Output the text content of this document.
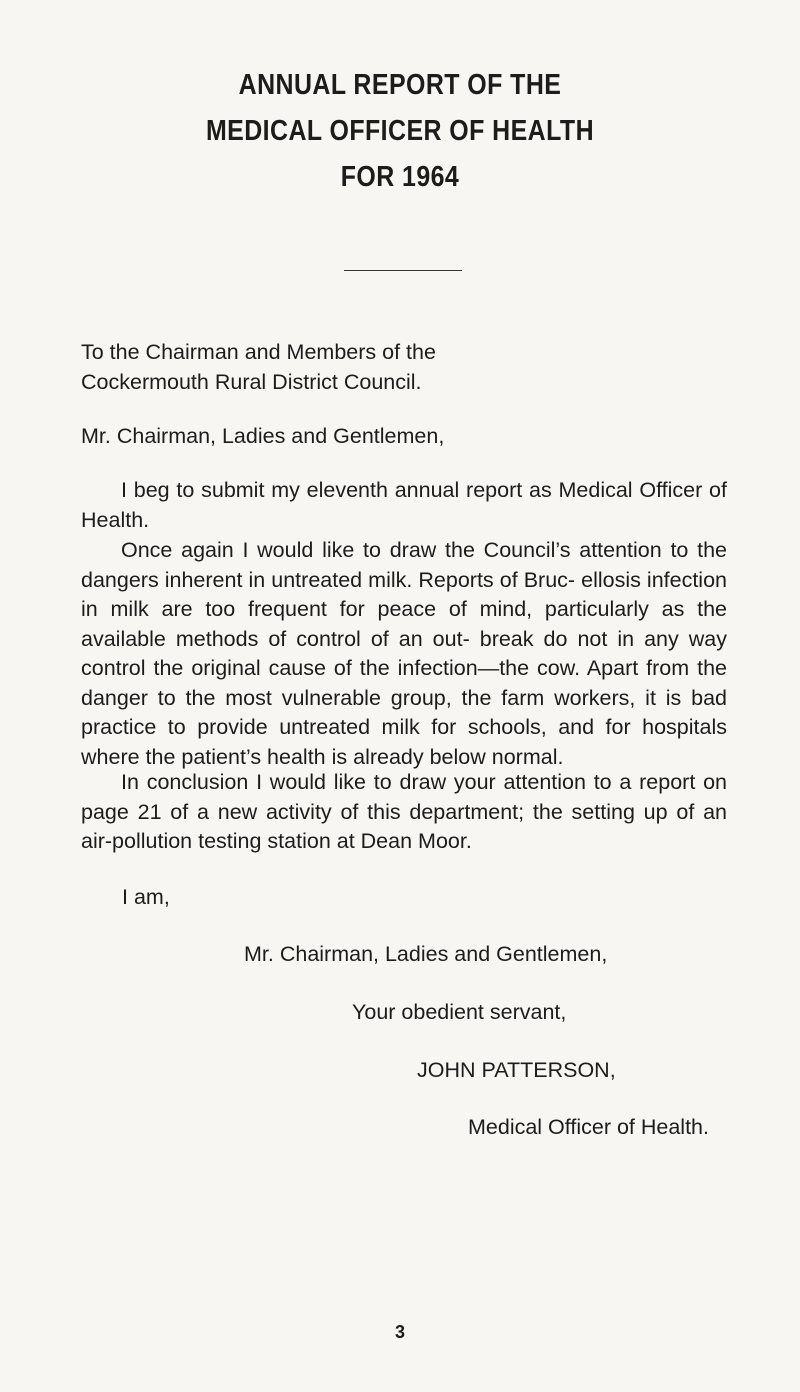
ANNUAL REPORT OF THE
MEDICAL OFFICER OF HEALTH
FOR 1964
To the Chairman and Members of the
Cockermouth Rural District Council.
Mr. Chairman, Ladies and Gentlemen,
I beg to submit my eleventh annual report as Medical Officer of Health.
Once again I would like to draw the Council’s attention to the dangers inherent in untreated milk. Reports of Bruc- ellosis infection in milk are too frequent for peace of mind, particularly as the available methods of control of an out- break do not in any way control the original cause of the infection—the cow. Apart from the danger to the most vulnerable group, the farm workers, it is bad practice to provide untreated milk for schools, and for hospitals where the patient’s health is already below normal.
In conclusion I would like to draw your attention to a report on page 21 of a new activity of this department; the setting up of an air-pollution testing station at Dean Moor.
I am,
Mr. Chairman, Ladies and Gentlemen,
Your obedient servant,
JOHN PATTERSON,
Medical Officer of Health.
3
